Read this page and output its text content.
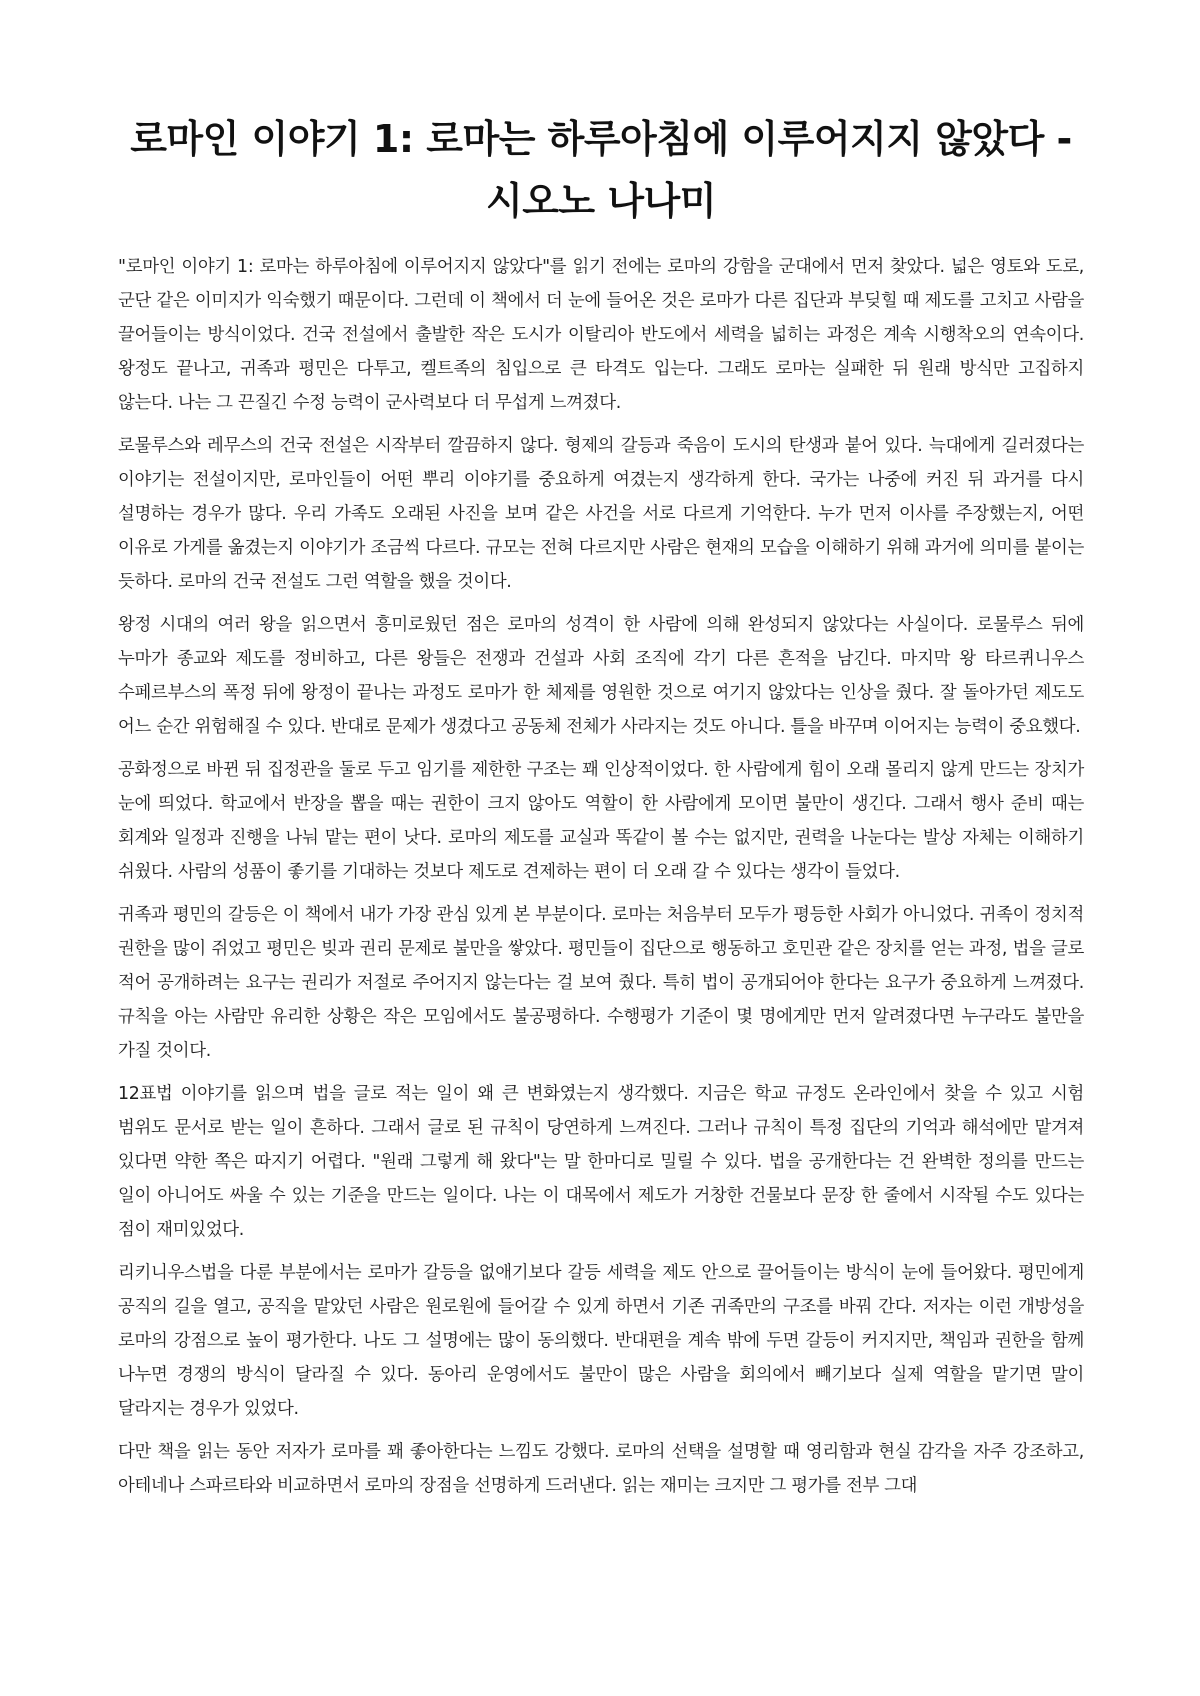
로마인 이야기 1: 로마는 하루아침에 이루어지지 않았다 - 시오노 나나미

"로마인 이야기 1: 로마는 하루아침에 이루어지지 않았다"를 읽기 전에는 로마의 강함을 군대에서 먼저 찾았다. 넓은 영토와 도로, 군단 같은 이미지가 익숙했기 때문이다. 그런데 이 책에서 더 눈에 들어온 것은 로마가 다른 집단과 부딪힐 때 제도를 고치고 사람을 끌어들이는 방식이었다. 건국 전설에서 출발한 작은 도시가 이탈리아 반도에서 세력을 넓히는 과정은 계속 시행착오의 연속이다. 왕정도 끝나고, 귀족과 평민은 다투고, 켈트족의 침입으로 큰 타격도 입는다. 그래도 로마는 실패한 뒤 원래 방식만 고집하지 않는다. 나는 그 끈질긴 수정 능력이 군사력보다 더 무섭게 느껴졌다.

로물루스와 레무스의 건국 전설은 시작부터 깔끔하지 않다. 형제의 갈등과 죽음이 도시의 탄생과 붙어 있다. 늑대에게 길러졌다는 이야기는 전설이지만, 로마인들이 어떤 뿌리 이야기를 중요하게 여겼는지 생각하게 한다. 국가는 나중에 커진 뒤 과거를 다시 설명하는 경우가 많다. 우리 가족도 오래된 사진을 보며 같은 사건을 서로 다르게 기억한다. 누가 먼저 이사를 주장했는지, 어떤 이유로 가게를 옮겼는지 이야기가 조금씩 다르다. 규모는 전혀 다르지만 사람은 현재의 모습을 이해하기 위해 과거에 의미를 붙이는 듯하다. 로마의 건국 전설도 그런 역할을 했을 것이다.

왕정 시대의 여러 왕을 읽으면서 흥미로웠던 점은 로마의 성격이 한 사람에 의해 완성되지 않았다는 사실이다. 로물루스 뒤에 누마가 종교와 제도를 정비하고, 다른 왕들은 전쟁과 건설과 사회 조직에 각기 다른 흔적을 남긴다. 마지막 왕 타르퀴니우스 수페르부스의 폭정 뒤에 왕정이 끝나는 과정도 로마가 한 체제를 영원한 것으로 여기지 않았다는 인상을 줬다. 잘 돌아가던 제도도 어느 순간 위험해질 수 있다. 반대로 문제가 생겼다고 공동체 전체가 사라지는 것도 아니다. 틀을 바꾸며 이어지는 능력이 중요했다.

공화정으로 바뀐 뒤 집정관을 둘로 두고 임기를 제한한 구조는 꽤 인상적이었다. 한 사람에게 힘이 오래 몰리지 않게 만드는 장치가 눈에 띄었다. 학교에서 반장을 뽑을 때는 권한이 크지 않아도 역할이 한 사람에게 모이면 불만이 생긴다. 그래서 행사 준비 때는 회계와 일정과 진행을 나눠 맡는 편이 낫다. 로마의 제도를 교실과 똑같이 볼 수는 없지만, 권력을 나눈다는 발상 자체는 이해하기 쉬웠다. 사람의 성품이 좋기를 기대하는 것보다 제도로 견제하는 편이 더 오래 갈 수 있다는 생각이 들었다.

귀족과 평민의 갈등은 이 책에서 내가 가장 관심 있게 본 부분이다. 로마는 처음부터 모두가 평등한 사회가 아니었다. 귀족이 정치적 권한을 많이 쥐었고 평민은 빚과 권리 문제로 불만을 쌓았다. 평민들이 집단으로 행동하고 호민관 같은 장치를 얻는 과정, 법을 글로 적어 공개하려는 요구는 권리가 저절로 주어지지 않는다는 걸 보여 줬다. 특히 법이 공개되어야 한다는 요구가 중요하게 느껴졌다. 규칙을 아는 사람만 유리한 상황은 작은 모임에서도 불공평하다. 수행평가 기준이 몇 명에게만 먼저 알려졌다면 누구라도 불만을 가질 것이다.

12표법 이야기를 읽으며 법을 글로 적는 일이 왜 큰 변화였는지 생각했다. 지금은 학교 규정도 온라인에서 찾을 수 있고 시험 범위도 문서로 받는 일이 흔하다. 그래서 글로 된 규칙이 당연하게 느껴진다. 그러나 규칙이 특정 집단의 기억과 해석에만 맡겨져 있다면 약한 쪽은 따지기 어렵다. "원래 그렇게 해 왔다"는 말 한마디로 밀릴 수 있다. 법을 공개한다는 건 완벽한 정의를 만드는 일이 아니어도 싸울 수 있는 기준을 만드는 일이다. 나는 이 대목에서 제도가 거창한 건물보다 문장 한 줄에서 시작될 수도 있다는 점이 재미있었다.

리키니우스법을 다룬 부분에서는 로마가 갈등을 없애기보다 갈등 세력을 제도 안으로 끌어들이는 방식이 눈에 들어왔다. 평민에게 공직의 길을 열고, 공직을 맡았던 사람은 원로원에 들어갈 수 있게 하면서 기존 귀족만의 구조를 바꿔 간다. 저자는 이런 개방성을 로마의 강점으로 높이 평가한다. 나도 그 설명에는 많이 동의했다. 반대편을 계속 밖에 두면 갈등이 커지지만, 책임과 권한을 함께 나누면 경쟁의 방식이 달라질 수 있다. 동아리 운영에서도 불만이 많은 사람을 회의에서 빼기보다 실제 역할을 맡기면 말이 달라지는 경우가 있었다.

다만 책을 읽는 동안 저자가 로마를 꽤 좋아한다는 느낌도 강했다. 로마의 선택을 설명할 때 영리함과 현실 감각을 자주 강조하고, 아테네나 스파르타와 비교하면서 로마의 장점을 선명하게 드러낸다. 읽는 재미는 크지만 그 평가를 전부 그대
